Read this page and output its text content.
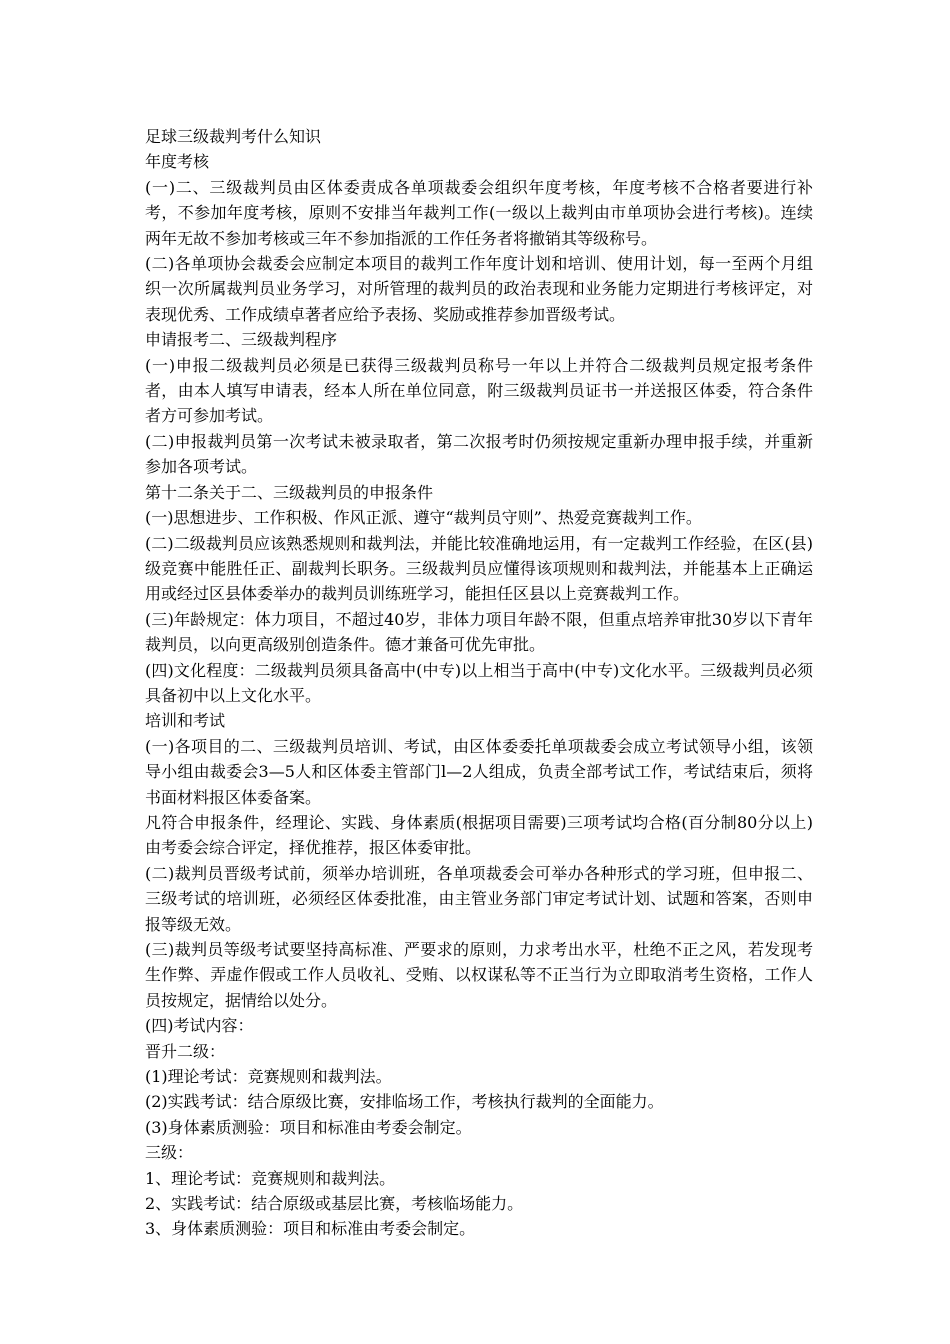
足球三级裁判考什么知识

年度考核

(一)二、三级裁判员由区体委责成各单项裁委会组织年度考核，年度考核不合格者要进行补考，不参加年度考核，原则不安排当年裁判工作(一级以上裁判由市单项协会进行考核)。连续两年无故不参加考核或三年不参加指派的工作任务者将撤销其等级称号。

(二)各单项协会裁委会应制定本项目的裁判工作年度计划和培训、使用计划，每一至两个月组织一次所属裁判员业务学习，对所管理的裁判员的政治表现和业务能力定期进行考核评定，对表现优秀、工作成绩卓著者应给予表扬、奖励或推荐参加晋级考试。

申请报考二、三级裁判程序

(一)申报二级裁判员必须是已获得三级裁判员称号一年以上并符合二级裁判员规定报考条件者，由本人填写申请表，经本人所在单位同意，附三级裁判员证书一并送报区体委，符合条件者方可参加考试。

(二)申报裁判员第一次考试未被录取者，第二次报考时仍须按规定重新办理申报手续，并重新参加各项考试。

第十二条关于二、三级裁判员的申报条件

(一)思想进步、工作积极、作风正派、遵守“裁判员守则”、热爱竞赛裁判工作。

(二)二级裁判员应该熟悉规则和裁判法，并能比较准确地运用，有一定裁判工作经验，在区(县)级竞赛中能胜任正、副裁判长职务。三级裁判员应懂得该项规则和裁判法，并能基本上正确运用或经过区县体委举办的裁判员训练班学习，能担任区县以上竞赛裁判工作。

(三)年龄规定：体力项目，不超过40岁，非体力项目年龄不限，但重点培养审批30岁以下青年裁判员，以向更高级别创造条件。德才兼备可优先审批。

(四)文化程度：二级裁判员须具备高中(中专)以上相当于高中(中专)文化水平。三级裁判员必须具备初中以上文化水平。

培训和考试

(一)各项目的二、三级裁判员培训、考试，由区体委委托单项裁委会成立考试领导小组，该领导小组由裁委会3—5人和区体委主管部门l—2人组成，负责全部考试工作，考试结束后，须将书面材料报区体委备案。

凡符合申报条件，经理论、实践、身体素质(根据项目需要)三项考试均合格(百分制80分以上)由考委会综合评定，择优推荐，报区体委审批。

(二)裁判员晋级考试前，须举办培训班，各单项裁委会可举办各种形式的学习班，但申报二、三级考试的培训班，必须经区体委批准，由主管业务部门审定考试计划、试题和答案，否则申报等级无效。

(三)裁判员等级考试要坚持高标准、严要求的原则，力求考出水平，杜绝不正之风，若发现考生作弊、弄虚作假或工作人员收礼、受贿、以权谋私等不正当行为立即取消考生资格，工作人员按规定，据情给以处分。

(四)考试内容：

晋升二级：

(1)理论考试：竞赛规则和裁判法。

(2)实践考试：结合原级比赛，安排临场工作，考核执行裁判的全面能力。

(3)身体素质测验：项目和标准由考委会制定。

三级：

1、理论考试：竞赛规则和裁判法。

2、实践考试：结合原级或基层比赛，考核临场能力。

3、身体素质测验：项目和标准由考委会制定。
